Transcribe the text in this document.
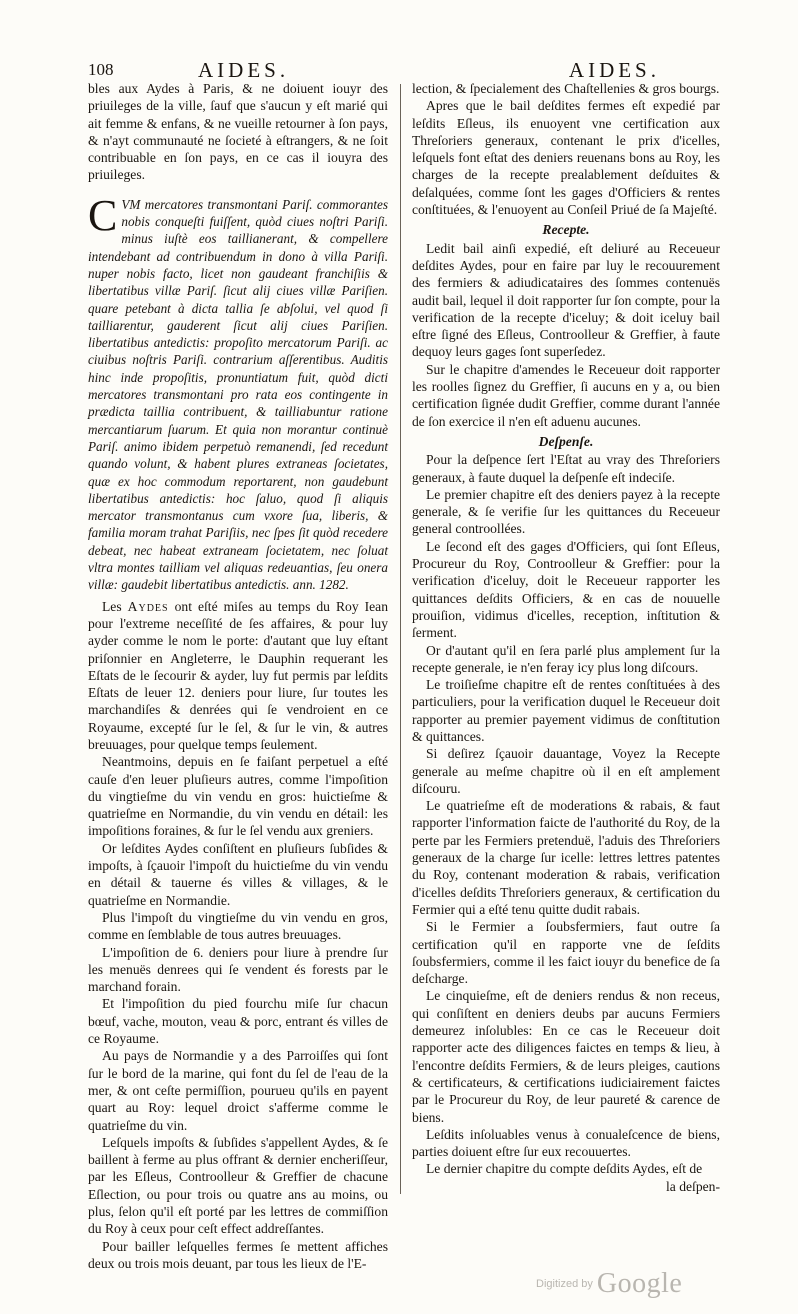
108	AIDES.	AIDES.

bles aux Aydes à Paris, & ne doiuent iouyr des priuileges de la ville, ſauf que s'aucun y eſt marié qui ait femme & enfans, & ne vueille retourner à ſon pays, & n'ayt communauté ne ſocieté à eſtrangers, & ne ſoit contribuable en ſon pays, en ce cas il iouyra des priuileges.

CVM mercatores transmontani Pariſ. commorantes nobis conqueſti fuiſſent, quòd ciues noſtri Pariſi. minus iuſtè eos taillianerant, & compellere intendebant ad contribuendum in dono à villa Pariſi. nuper nobis facto, licet non gaudeant franchiſiis & libertatibus villæ Pariſ. ſicut alij ciues villæ Pariſien. quare petebant à dicta tallia ſe abſolui, vel quod ſi tailliarentur, gauderent ſicut alij ciues Pariſien. libertatibus antedictis: propoſito mercatorum Pariſi. ac ciuibus noſtris Pariſi. contrarium aſſerentibus. Auditis hinc inde propoſitis, pronuntiatum fuit, quòd dicti mercatores transmontani pro rata eos contingente in prædicta taillia contribuent, & tailliabuntur ratione mercantiarum ſuarum. Et quia non morantur continuè Pariſ. animo ibidem perpetuò remanendi, ſed recedunt quando volunt, & habent plures extraneas ſocietates, quæ ex hoc commodum reportarent, non gaudebunt libertatibus antedictis: hoc ſaluo, quod ſi aliquis mercator transmontanus cum vxore ſua, liberis, & familia moram trahat Pariſiis, nec ſpes ſit quòd recedere debeat, nec habeat extraneam ſocietatem, nec ſoluat vltra montes tailliam vel aliquas redeuantias, ſeu onera villæ: gaudebit libertatibus antedictis. ann. 1282.

Les Aydes ont eſté miſes au temps du Roy Iean pour l'extreme neceſſité de ſes affaires, & pour luy ayder comme le nom le porte: d'autant que luy eſtant priſonnier en Angleterre, le Dauphin requerant les Eſtats de le ſecourir & ayder, luy fut permis par leſdits Eſtats de leuer 12. deniers pour liure, ſur toutes les marchandiſes & denrées qui ſe vendroient en ce Royaume, excepté ſur le ſel, & ſur le vin, & autres breuuages, pour quelque temps ſeulement.

Neantmoins, depuis en ſe faiſant perpetuel a eſté cauſe d'en leuer pluſieurs autres, comme l'impoſition du vingtieſme du vin vendu en gros: huictieſme & quatrieſme en Normandie, du vin vendu en détail: les impoſitions foraines, & ſur le ſel vendu aux greniers.

Or leſdites Aydes conſiſtent en pluſieurs ſubſides & impoſts, à ſçauoir l'impoſt du huictieſme du vin vendu en détail & tauerne és villes & villages, & le quatrieſme en Normandie.

Plus l'impoſt du vingtieſme du vin vendu en gros, comme en ſemblable de tous autres breuuages.

L'impoſition de 6. deniers pour liure à prendre ſur les menuës denrees qui ſe vendent és forests par le marchand forain.

Et l'impoſition du pied fourchu miſe ſur chacun bœuf, vache, mouton, veau & porc, entrant és villes de ce Royaume.

Au pays de Normandie y a des Parroiſſes qui ſont ſur le bord de la marine, qui font du ſel de l'eau de la mer, & ont ceſte permiſſion, pourueu qu'ils en payent quart au Roy: lequel droict s'afferme comme le quatrieſme du vin.

Leſquels impoſts & ſubſides s'appellent Aydes, & ſe baillent à ferme au plus offrant & dernier encheriſſeur, par les Eſleus, Controolleur & Greffier de chacune Eſlection, ou pour trois ou quatre ans au moins, ou plus, ſelon qu'il eſt porté par les lettres de commiſſion du Roy à ceux pour ceſt effect addreſſantes.

Pour bailler leſquelles fermes ſe mettent affiches deux ou trois mois deuant, par tous les lieux de l'E-

lection, & ſpecialement des Chaſtellenies & gros bourgs.

Apres que le bail deſdites fermes eſt expedié par leſdits Eſleus, ils enuoyent vne certification aux Threſoriers generaux, contenant le prix d'icelles, leſquels font eſtat des deniers reuenans bons au Roy, les charges de la recepte prealablement deſduites & deſalquées, comme ſont les gages d'Officiers & rentes conſtituées, & l'enuoyent au Conſeil Priué de ſa Majeſté.

Recepte.

Ledit bail ainſi expedié, eſt deliuré au Receueur deſdites Aydes, pour en faire par luy le recouurement des fermiers & adiudicataires des ſommes contenuës audit bail, lequel il doit rapporter ſur ſon compte, pour la verification de la recepte d'iceluy; & doit iceluy bail eſtre ſigné des Eſleus, Controolleur & Greffier, à faute dequoy leurs gages ſont superſedez.

Sur le chapitre d'amendes le Receueur doit rapporter les roolles ſignez du Greffier, ſi aucuns en y a, ou bien certification ſignée dudit Greffier, comme durant l'année de ſon exercice il n'en eſt aduenu aucunes.

Deſpenſe.

Pour la deſpence ſert l'Eſtat au vray des Threſoriers generaux, à faute duquel la deſpenſe eſt indeciſe.

Le premier chapitre eſt des deniers payez à la recepte generale, & ſe verifie ſur les quittances du Receueur general controollées.

Le ſecond eſt des gages d'Officiers, qui ſont Eſleus, Procureur du Roy, Controolleur & Greffier: pour la verification d'iceluy, doit le Receueur rapporter les quittances deſdits Officiers, & en cas de nouuelle prouiſion, vidimus d'icelles, reception, inſtitution & ſerment.

Or d'autant qu'il en ſera parlé plus amplement ſur la recepte generale, ie n'en feray icy plus long diſcours.

Le troiſieſme chapitre eſt de rentes conſtituées à des particuliers, pour la verification duquel le Receueur doit rapporter au premier payement vidimus de conſtitution & quittances.

Si deſirez ſçauoir dauantage, Voyez la Recepte generale au meſme chapitre où il en eſt amplement diſcouru.

Le quatrieſme eſt de moderations & rabais, & faut rapporter l'information faicte de l'authorité du Roy, de la perte par les Fermiers pretenduë, l'aduis des Threſoriers generaux de la charge ſur icelle: lettres lettres patentes du Roy, contenant moderation & rabais, verification d'icelles deſdits Threſoriers generaux, & certification du Fermier qui a eſté tenu quitte dudit rabais.

Si le Fermier a ſoubsfermiers, faut outre ſa certification qu'il en rapporte vne de ſeſdits ſoubsfermiers, comme il les faict iouyr du benefice de ſa deſcharge.

Le cinquieſme, eſt de deniers rendus & non receus, qui conſiſtent en deniers deubs par aucuns Fermiers demeurez inſolubles: En ce cas le Receueur doit rapporter acte des diligences faictes en temps & lieu, à l'encontre deſdits Fermiers, & de leurs pleiges, cautions & certificateurs, & certifications iudiciairement faictes par le Procureur du Roy, de leur paureté & carence de biens.

Leſdits inſoluables venus à conualeſcence de biens, parties doiuent eſtre ſur eux recouuertes.

Le dernier chapitre du compte deſdits Aydes, eſt de

la deſpen-

Digitized by Google
